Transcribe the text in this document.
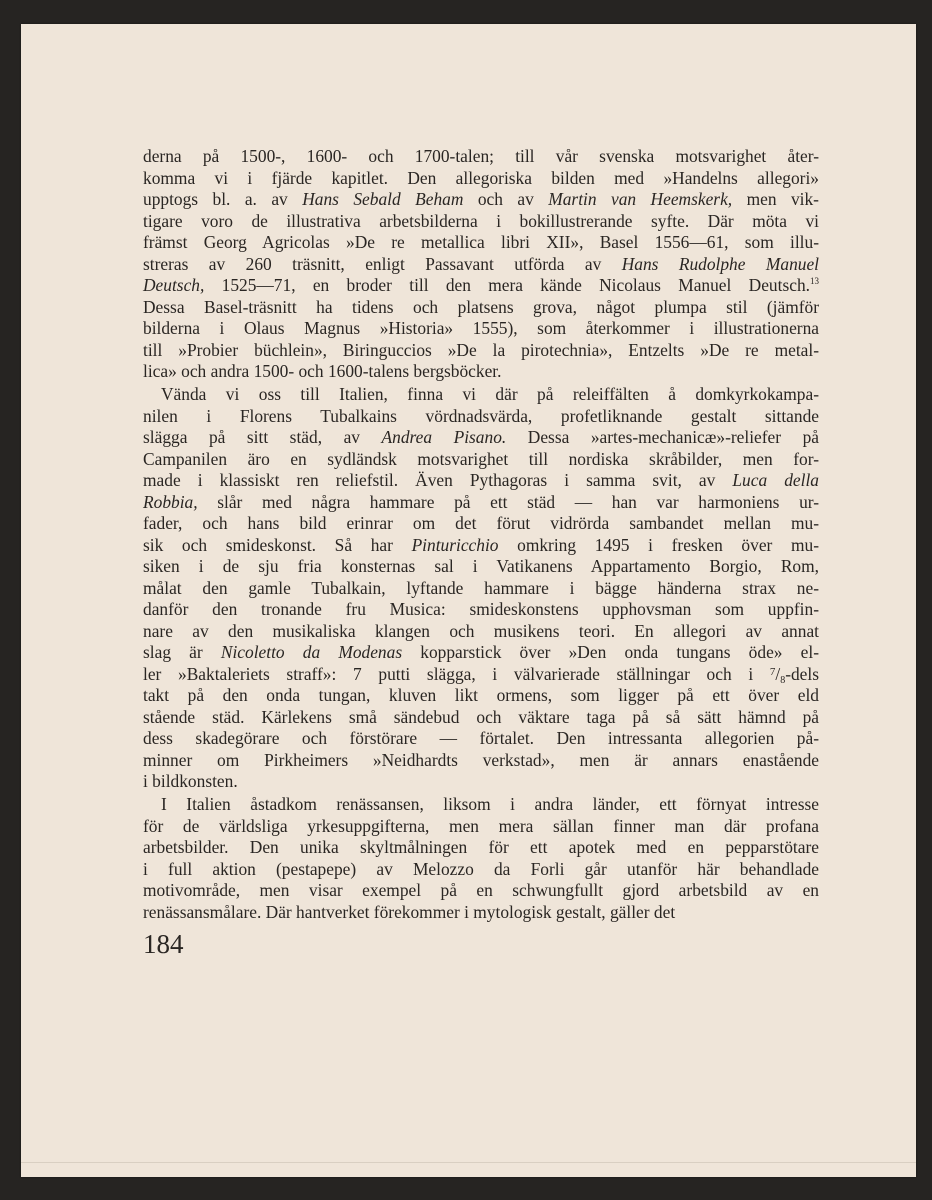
derna på 1500-, 1600- och 1700-talen; till vår svenska motsvarighet åter-
komma vi i fjärde kapitlet. Den allegoriska bilden med »Handelns allegori»
upptogs bl. a. av Hans Sebald Beham och av Martin van Heemskerk, men vik-
tigare voro de illustrativa arbetsbilderna i bokillustrerande syfte. Där möta vi
främst Georg Agricolas »De re metallica libri XII», Basel 1556—61, som illu-
streras av 260 träsnitt, enligt Passavant utförda av Hans Rudolphe Manuel
Deutsch, 1525—71, en broder till den mera kände Nicolaus Manuel Deutsch.$^{13}$
Dessa Basel-träsnitt ha tidens och platsens grova, något plumpa stil (jämför
bilderna i Olaus Magnus »Historia» 1555), som återkommer i illustrationerna
till »Probier büchlein», Biringuccios »De la pirotechnia», Entzelts »De re metal-
lica» och andra 1500- och 1600-talens bergsböcker.
Vända vi oss till Italien, finna vi där på releiffälten å domkyrkokampa-
nilen i Florens Tubalkains vördnadsvärda, profetliknande gestalt sittande
slägga på sitt städ, av Andrea Pisano. Dessa »artes-mechanicæ»-reliefer på
Campanilen äro en sydländsk motsvarighet till nordiska skråbilder, men for-
made i klassiskt ren reliefstil. Även Pythagoras i samma svit, av Luca della
Robbia, slår med några hammare på ett städ — han var harmoniens ur-
fader, och hans bild erinrar om det förut vidrörda sambandet mellan mu-
sik och smideskonst. Så har Pinturicchio omkring 1495 i fresken över mu-
siken i de sju fria konsternas sal i Vatikanens Appartamento Borgio, Rom,
målat den gamle Tubalkain, lyftande hammare i bägge händerna strax ne-
danför den tronande fru Musica: smideskonstens upphovsman som uppfin-
nare av den musikaliska klangen och musikens teori. En allegori av annat
slag är Nicoletto da Modenas kopparstick över »Den onda tungans öde» el-
ler »Baktaleriets straff»: 7 putti slägga, i välvarierade ställningar och i $^7$/8-dels
takt på den onda tungan, kluven likt ormens, som ligger på ett över eld
stående städ. Kärlekens små sändebud och väktare taga på så sätt hämnd på
dess skadegörare och förstörare — förtalet. Den intressanta allegorien på-
minner om Pirkheimers »Neidhardts verkstad», men är annars enastående
i bildkonsten.
I Italien åstadkom renässansen, liksom i andra länder, ett förnyat intresse
för de världsliga yrkesuppgifterna, men mera sällan finner man där profana
arbetsbilder. Den unika skyltmålningen för ett apotek med en pepparstötare
i full aktion (pestapepe) av Melozzo da Forli går utanför här behandlade
motivområde, men visar exempel på en schwungfullt gjord arbetsbild av en
renässansmålare. Där hantverket förekommer i mytologisk gestalt, gäller det
184
